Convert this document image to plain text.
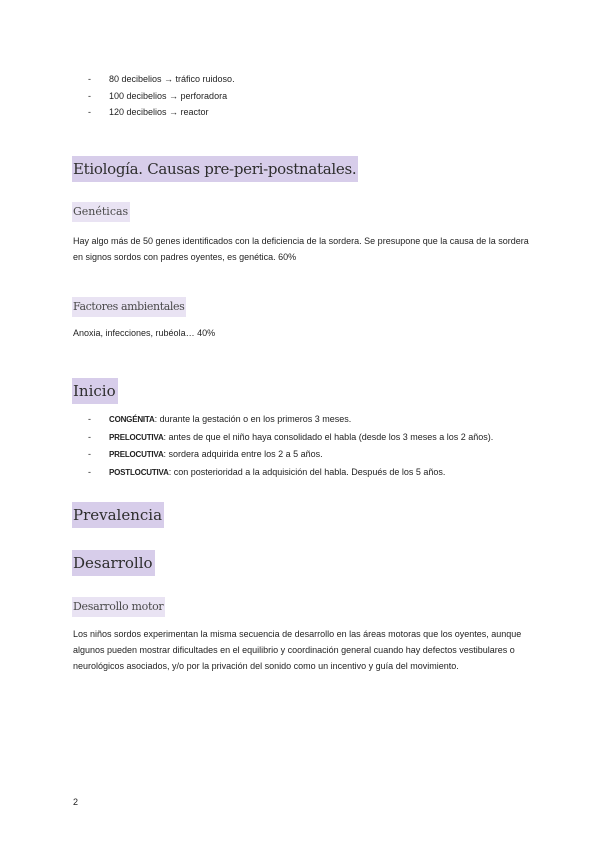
- 80 decibelios → tráfico ruidoso.
- 100 decibelios → perforadora
- 120 decibelios → reactor
Etiología. Causas pre-peri-postnatales.
Genéticas

Hay algo más de 50 genes identificados con la deficiencia de la sordera. Se presupone que la causa de la sordera en signos sordos con padres oyentes, es genética. 60%

Factores ambientales

Anoxia, infecciones, rubéola… 40%

Inicio
- CONGÉNITA: durante la gestación o en los primeros 3 meses.
- PRELOCUTIVA: antes de que el niño haya consolidado el habla (desde los 3 meses a los 2 años).
- PRELOCUTIVA: sordera adquirida entre los 2 a 5 años.
- POSTLOCUTIVA: con posterioridad a la adquisición del habla. Después de los 5 años.
Prevalencia
Desarrollo
Desarrollo motor

Los niños sordos experimentan la misma secuencia de desarrollo en las áreas motoras que los oyentes, aunque algunos pueden mostrar dificultades en el equilibrio y coordinación general cuando hay defectos vestibulares o neurológicos asociados, y/o por la privación del sonido como un incentivo y guía del movimiento.

2
